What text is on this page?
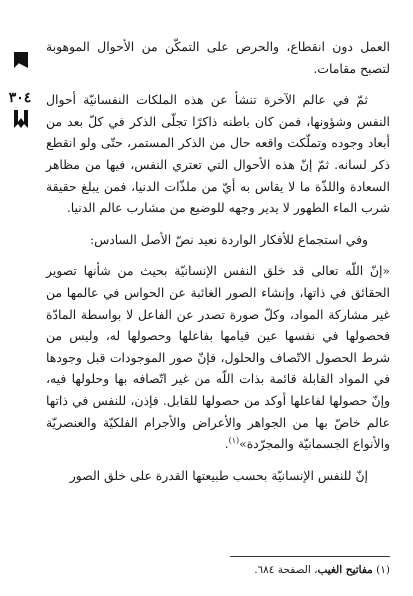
٣٠٤

العمل دون انقطاع، والحرص على التمكّن من الأحوال الموهوبة لتصبح مقامات.

ثمّ في عالم الآخرة تنشأ عن هذه الملكات النفسانيّة أحوال النفس وشؤونها، فمن كان باطنه ذاكرًا تجلّى الذكر في كلّ بعد من أبعاد وجوده وتملّكت واقعه حال من الذكر المستمر، حتّى ولو انقطع ذكر لسانه. ثمّ إنّ هذه الأحوال التي تعتري النفس، فيها من مظاهر السعادة واللذّة ما لا يقاس به أيّ من ملذّات الدنيا، فمن يبلغ حقيقة شرب الماء الطهور لا يدير وجهه للوضيع من مشارب عالم الدنيا.

وفي استجماع للأفكار الواردة نعيد نصّ الأصل السادس:

«إنّ اللّه تعالى قد خلق النفس الإنسانيّة بحيث من شأنها تصوير الحقائق في ذاتها، وإنشاء الصور الغائبة عن الحواس في عالمها من غير مشاركة المواد، وكلّ صورة تصدر عن الفاعل لا بواسطة المادّة فحصولها في نفسها عين قيامها بفاعلها وحصولها له، وليس من شرط الحصول الاتّصاف والحلول، فإنّ صور الموجودات قبل وجودها في المواد القابلة قائمة بذات اللّه من غير اتّصافه بها وحلولها فيه، وإنّ حصولها لفاعلها أوكد من حصولها للقابل. فإذن، للنفس في ذاتها عالم خاصّ بها من الجواهر والأعراض والأجرام الفلكيّة والعنصريّة والأنواع الجسمانيّة والمجرّدة»$^{(١)}$.

إنّ للنفس الإنسانيّة بحسب طبيعتها القدرة على خلق الصور

(١) مفاتيح الغيب، الصفحة ٦٨٤.
